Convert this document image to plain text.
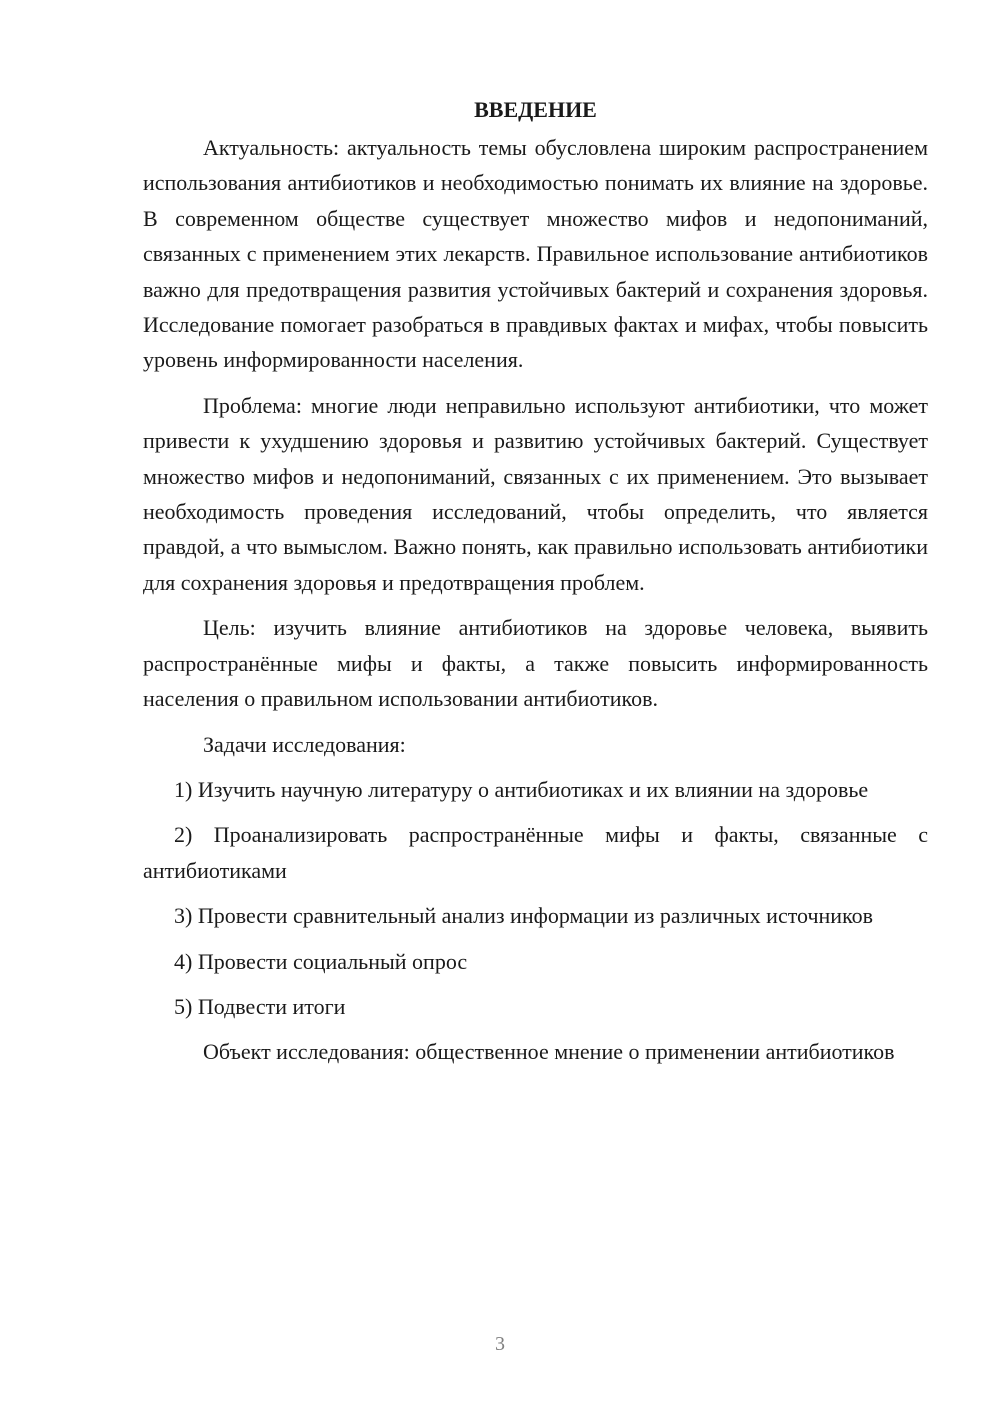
ВВЕДЕНИЕ

Актуальность: актуальность темы обусловлена широким распространением использования антибиотиков и необходимостью понимать их влияние на здоровье. В современном обществе существует множество мифов и недопониманий, связанных с применением этих лекарств. Правильное использование антибиотиков важно для предотвращения развития устойчивых бактерий и сохранения здоровья. Исследование помогает разобраться в правдивых фактах и мифах, чтобы повысить уровень информированности населения.

Проблема: многие люди неправильно используют антибиотики, что может привести к ухудшению здоровья и развитию устойчивых бактерий. Существует множество мифов и недопониманий, связанных с их применением. Это вызывает необходимость проведения исследований, чтобы определить, что является правдой, а что вымыслом. Важно понять, как правильно использовать антибиотики для сохранения здоровья и предотвращения проблем.

Цель: изучить влияние антибиотиков на здоровье человека, выявить распространённые мифы и факты, а также повысить информированность населения о правильном использовании антибиотиков.

Задачи исследования:

1) Изучить научную литературу о антибиотиках и их влиянии на здоровье

2) Проанализировать распространённые мифы и факты, связанные с антибиотиками

3) Провести сравнительный анализ информации из различных источников

4) Провести социальный опрос

5) Подвести итоги

Объект исследования: общественное мнение о применении антибиотиков

3
